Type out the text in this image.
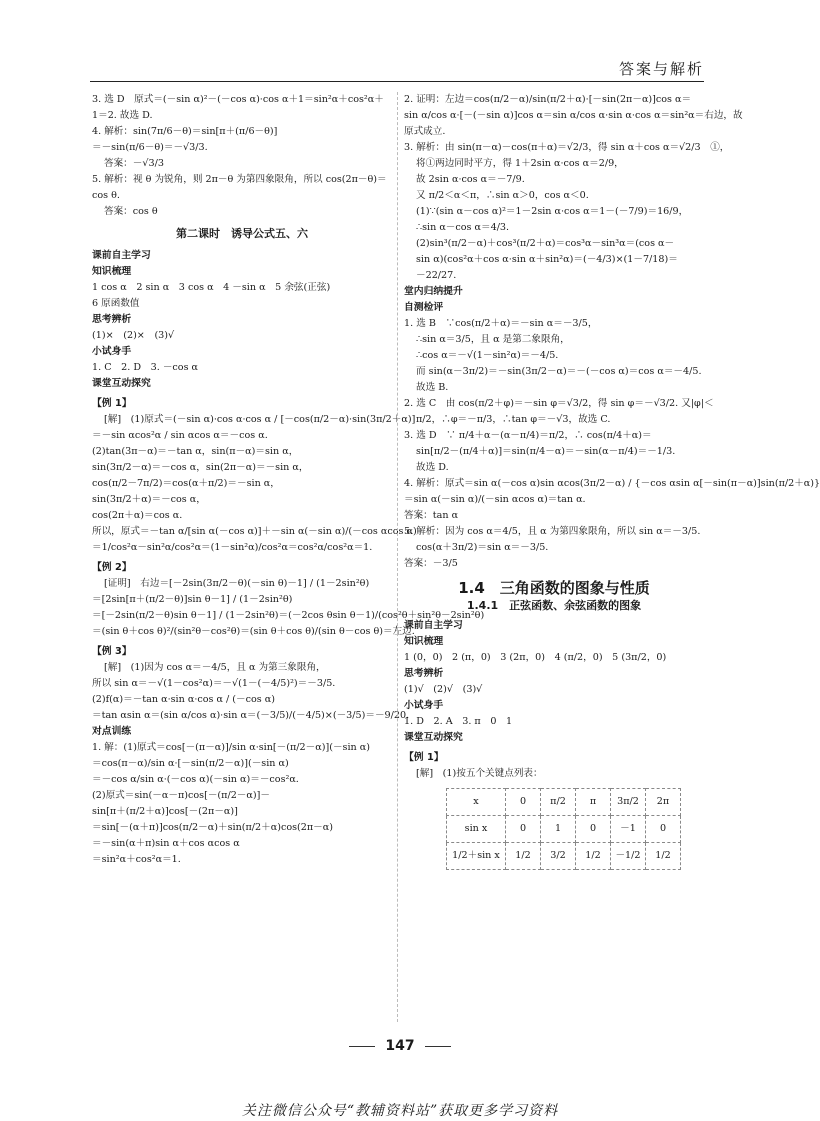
答案与解析
3. 选 D　原式＝(－sin α)²－(－cos α)·cos α＋1＝sin²α＋cos²α＋
1＝2. 故选 D.
4. 解析：sin(7π/6－θ)＝sin[π＋(π/6－θ)]
＝－sin(π/6－θ)＝－√3/3.
答案：－√3/3
5. 解析：视 θ 为锐角，则 2π－θ 为第四象限角，所以 cos(2π－θ)＝
cos θ.
答案：cos θ
第二课时　诱导公式五、六
课前自主学习
知识梳理
1 cos α　2 sin α　3 cos α　4 －sin α　5 余弦(正弦)
6 原函数值
思考辨析
(1)×　(2)×　(3)√
小试身手
1. C　2. D　3. －cos α
课堂互动探究
【例 1】
[解]　(1)原式＝(－sin α)·cos α·cos α / [－cos(π/2－α)·sin(3π/2＋α)]
＝－sin αcos²α / sin αcos α＝－cos α.
(2)tan(3π－α)＝－tan α，sin(π－α)＝sin α，
sin(3π/2－α)＝－cos α，sin(2π－α)＝－sin α，
cos(π/2－7π/2)＝cos(α＋π/2)＝－sin α，
sin(3π/2＋α)＝－cos α，
cos(2π＋α)＝cos α.
所以，原式＝－tan α/[sin α(－cos α)]＋－sin α(－sin α)/(－cos αcos α)
＝1/cos²α－sin²α/cos²α＝(1－sin²α)/cos²α＝cos²α/cos²α＝1.
【例 2】
[证明]　右边＝[－2sin(3π/2－θ)(－sin θ)－1] / (1－2sin²θ)
＝[2sin[π＋(π/2－θ)]sin θ－1] / (1－2sin²θ)
＝[－2sin(π/2－θ)sin θ－1] / (1－2sin²θ)＝(－2cos θsin θ－1)/(cos²θ＋sin²θ－2sin²θ)
＝(sin θ＋cos θ)²/(sin²θ－cos²θ)＝(sin θ＋cos θ)/(sin θ－cos θ)＝左边.
【例 3】
[解]　(1)因为 cos α＝－4/5，且 α 为第三象限角，
所以 sin α＝－√(1－cos²α)＝－√(1－(－4/5)²)＝－3/5.
(2)f(α)＝－tan α·sin α·cos α / (－cos α)
＝tan αsin α＝(sin α/cos α)·sin α＝(－3/5)/(－4/5)×(－3/5)＝－9/20.
对点训练
1. 解：(1)原式＝cos[－(π－α)]/sin α·sin[－(π/2－α)](－sin α)
＝cos(π－α)/sin α·[－sin(π/2－α)](－sin α)
＝－cos α/sin α·(－cos α)(－sin α)＝－cos²α.
(2)原式＝sin(－α－π)cos[－(π/2－α)]－
sin[π＋(π/2＋α)]cos[－(2π－α)]
＝sin[－(α＋π)]cos(π/2－α)＋sin(π/2＋α)cos(2π－α)
＝－sin(α＋π)sin α＋cos αcos α
＝sin²α＋cos²α＝1.
2. 证明：左边＝cos(π/2－α)/sin(π/2＋α)·[－sin(2π－α)]cos α＝
sin α/cos α·[－(－sin α)]cos α＝sin α/cos α·sin α·cos α＝sin²α＝右边，故
原式成立.
3. 解析：由 sin(π－α)－cos(π＋α)＝√2/3，得 sin α＋cos α＝√2/3　①，
将①两边同时平方，得 1＋2sin α·cos α＝2/9，
故 2sin α·cos α＝－7/9.
又 π/2＜α＜π，∴sin α＞0，cos α＜0.
(1)∵(sin α－cos α)²＝1－2sin α·cos α＝1－(－7/9)＝16/9，
∴sin α－cos α＝4/3.
(2)sin³(π/2－α)＋cos³(π/2＋α)＝cos³α－sin³α＝(cos α－
sin α)(cos²α＋cos α·sin α＋sin²α)＝(－4/3)×(1－7/18)＝
－22/27.
堂内归纳提升
自测检评
1. 选 B　∵cos(π/2＋α)＝－sin α＝－3/5，
∴sin α＝3/5，且 α 是第二象限角，
∴cos α＝－√(1－sin²α)＝－4/5.
而 sin(α－3π/2)＝－sin(3π/2－α)＝－(－cos α)＝cos α＝－4/5.
故选 B.
2. 选 C　由 cos(π/2＋φ)＝－sin φ＝√3/2，得 sin φ＝－√3/2. 又|φ|＜
π/2，∴φ＝－π/3，∴tan φ＝－√3，故选 C.
3. 选 D　∵ π/4＋α－(α－π/4)＝π/2，∴ cos(π/4＋α)＝
sin[π/2－(π/4＋α)]＝sin(π/4－α)＝－sin(α－π/4)＝－1/3.
故选 D.
4. 解析：原式＝sin α(－cos α)sin αcos(3π/2－α) / {－cos αsin α[－sin(π－α)]sin(π/2＋α)}
＝sin α(－sin α)/(－sin αcos α)＝tan α.
答案：tan α
5. 解析：因为 cos α＝4/5，且 α 为第四象限角，所以 sin α＝－3/5.
cos(α＋3π/2)＝sin α＝－3/5.
答案：－3/5
1.4　三角函数的图象与性质
1.4.1　正弦函数、余弦函数的图象
课前自主学习
知识梳理
1 (0，0)　2 (π，0)　3 (2π，0)　4 (π/2，0)　5 (3π/2，0)
思考辨析
(1)√　(2)√　(3)√
小试身手
1. D　2. A　3. π　0　1
课堂互动探究
【例 1】
[解]　(1)按五个关键点列表：
x	0	π/2	π	3π/2	2π
sin x	0	1	0	－1	0
1/2＋sin x	1/2	3/2	1/2	－1/2	1/2
147
关注微信公众号“教辅资料站”获取更多学习资料
